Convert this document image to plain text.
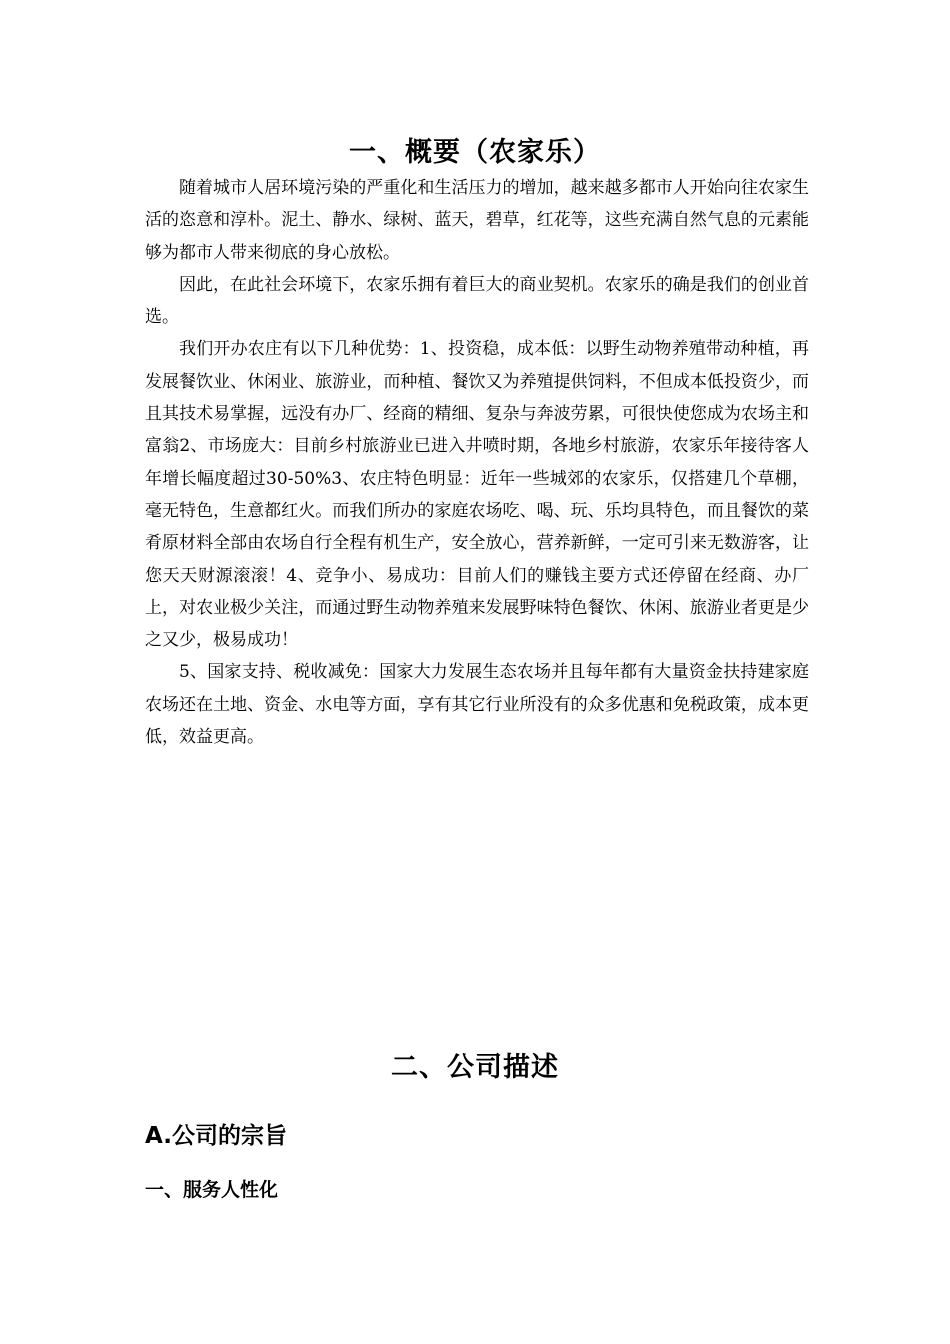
一、概要（农家乐）

随着城市人居环境污染的严重化和生活压力的增加，越来越多都市人开始向往农家生活的恣意和淳朴。泥土、静水、绿树、蓝天，碧草，红花等，这些充满自然气息的元素能够为都市人带来彻底的身心放松。

因此，在此社会环境下，农家乐拥有着巨大的商业契机。农家乐的确是我们的创业首选。

我们开办农庄有以下几种优势：1、投资稳，成本低：以野生动物养殖带动种植，再发展餐饮业、休闲业、旅游业，而种植、餐饮又为养殖提供饲料，不但成本低投资少，而且其技术易掌握，远没有办厂、经商的精细、复杂与奔波劳累，可很快使您成为农场主和富翁2、市场庞大：目前乡村旅游业已进入井喷时期，各地乡村旅游，农家乐年接待客人年增长幅度超过30-50%3、农庄特色明显：近年一些城郊的农家乐，仅搭建几个草棚，毫无特色，生意都红火。而我们所办的家庭农场吃、喝、玩、乐均具特色，而且餐饮的菜肴原材料全部由农场自行全程有机生产，安全放心，营养新鲜，一定可引来无数游客，让您天天财源滚滚！4、竞争小、易成功：目前人们的赚钱主要方式还停留在经商、办厂上，对农业极少关注，而通过野生动物养殖来发展野味特色餐饮、休闲、旅游业者更是少之又少，极易成功！

5、国家支持、税收减免：国家大力发展生态农场并且每年都有大量资金扶持建家庭农场还在土地、资金、水电等方面，享有其它行业所没有的众多优惠和免税政策，成本更低，效益更高。

二、公司描述
A.公司的宗旨
一、服务人性化
